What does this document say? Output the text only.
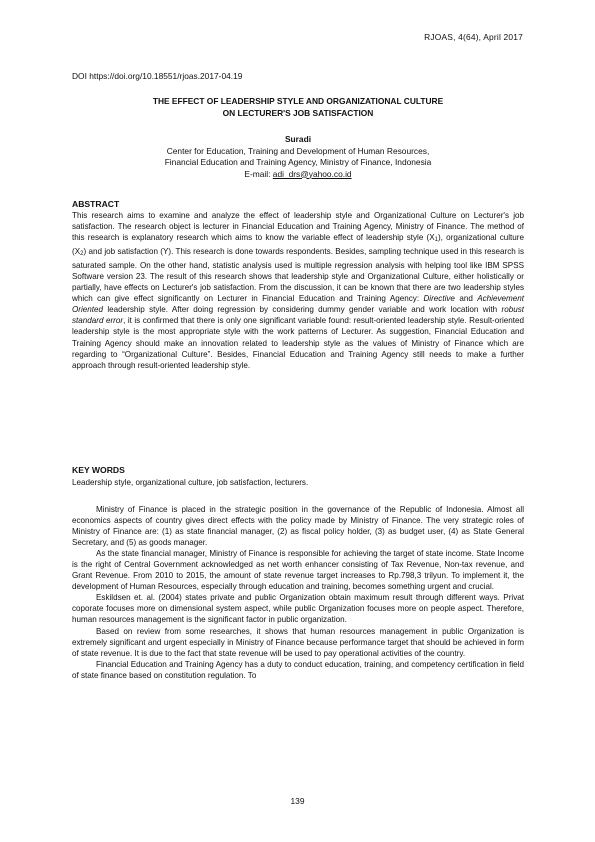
RJOAS, 4(64), April 2017
DOI https://doi.org/10.18551/rjoas.2017-04.19
THE EFFECT OF LEADERSHIP STYLE AND ORGANIZATIONAL CULTURE
ON LECTURER'S JOB SATISFACTION
Suradi
Center for Education, Training and Development of Human Resources,
Financial Education and Training Agency, Ministry of Finance, Indonesia
E-mail: adi_drs@yahoo.co.id
ABSTRACT
This research aims to examine and analyze the effect of leadership style and Organizational Culture on Lecturer's job satisfaction. The research object is lecturer in Financial Education and Training Agency, Ministry of Finance. The method of this research is explanatory research which aims to know the variable effect of leadership style (X1), organizational culture (X2) and job satisfaction (Y). This research is done towards respondents. Besides, sampling technique used in this research is saturated sample. On the other hand, statistic analysis used is multiple regression analysis with helping tool like IBM SPSS Software version 23. The result of this research shows that leadership style and Organizational Culture, either holistically or partially, have effects on Lecturer's job satisfaction. From the discussion, it can be known that there are two leadership styles which can give effect significantly on Lecturer in Financial Education and Training Agency: Directive and Achievement Oriented leadership style. After doing regression by considering dummy gender variable and work location with robust standard error, it is confirmed that there is only one significant variable found: result-oriented leadership style. Result-oriented leadership style is the most appropriate style with the work patterns of Lecturer. As suggestion, Financial Education and Training Agency should make an innovation related to leadership style as the values of Ministry of Finance which are regarding to “Organizational Culture”. Besides, Financial Education and Training Agency still needs to make a further approach through result-oriented leadership style.
KEY WORDS
Leadership style, organizational culture, job satisfaction, lecturers.

Ministry of Finance is placed in the strategic position in the governance of the Republic of Indonesia. Almost all economics aspects of country gives direct effects with the policy made by Ministry of Finance. The very strategic roles of Ministry of Finance are: (1) as state financial manager, (2) as fiscal policy holder, (3) as budget user, (4) as State General Secretary, and (5) as goods manager.

As the state financial manager, Ministry of Finance is responsible for achieving the target of state income. State Income is the right of Central Government acknowledged as net worth enhancer consisting of Tax Revenue, Non-tax revenue, and Grant Revenue. From 2010 to 2015, the amount of state revenue target increases to Rp.798,3 trilyun. To implement it, the development of Human Resources, especially through education and training, becomes something urgent and crucial.

Eskildsen et. al. (2004) states private and public Organization obtain maximum result through different ways. Privat coporate focuses more on dimensional system aspect, while public Organization focuses more on people aspect. Therefore, human resources management is the significant factor in public organization.

Based on review from some researches, it shows that human resources management in public Organization is extremely significant and urgent especially in Ministry of Finance because performance target that should be achieved in form of state revenue. It is due to the fact that state revenue will be used to pay operational activities of the country.

Financial Education and Training Agency has a duty to conduct education, training, and competency certification in field of state finance based on constitution regulation. To

139
